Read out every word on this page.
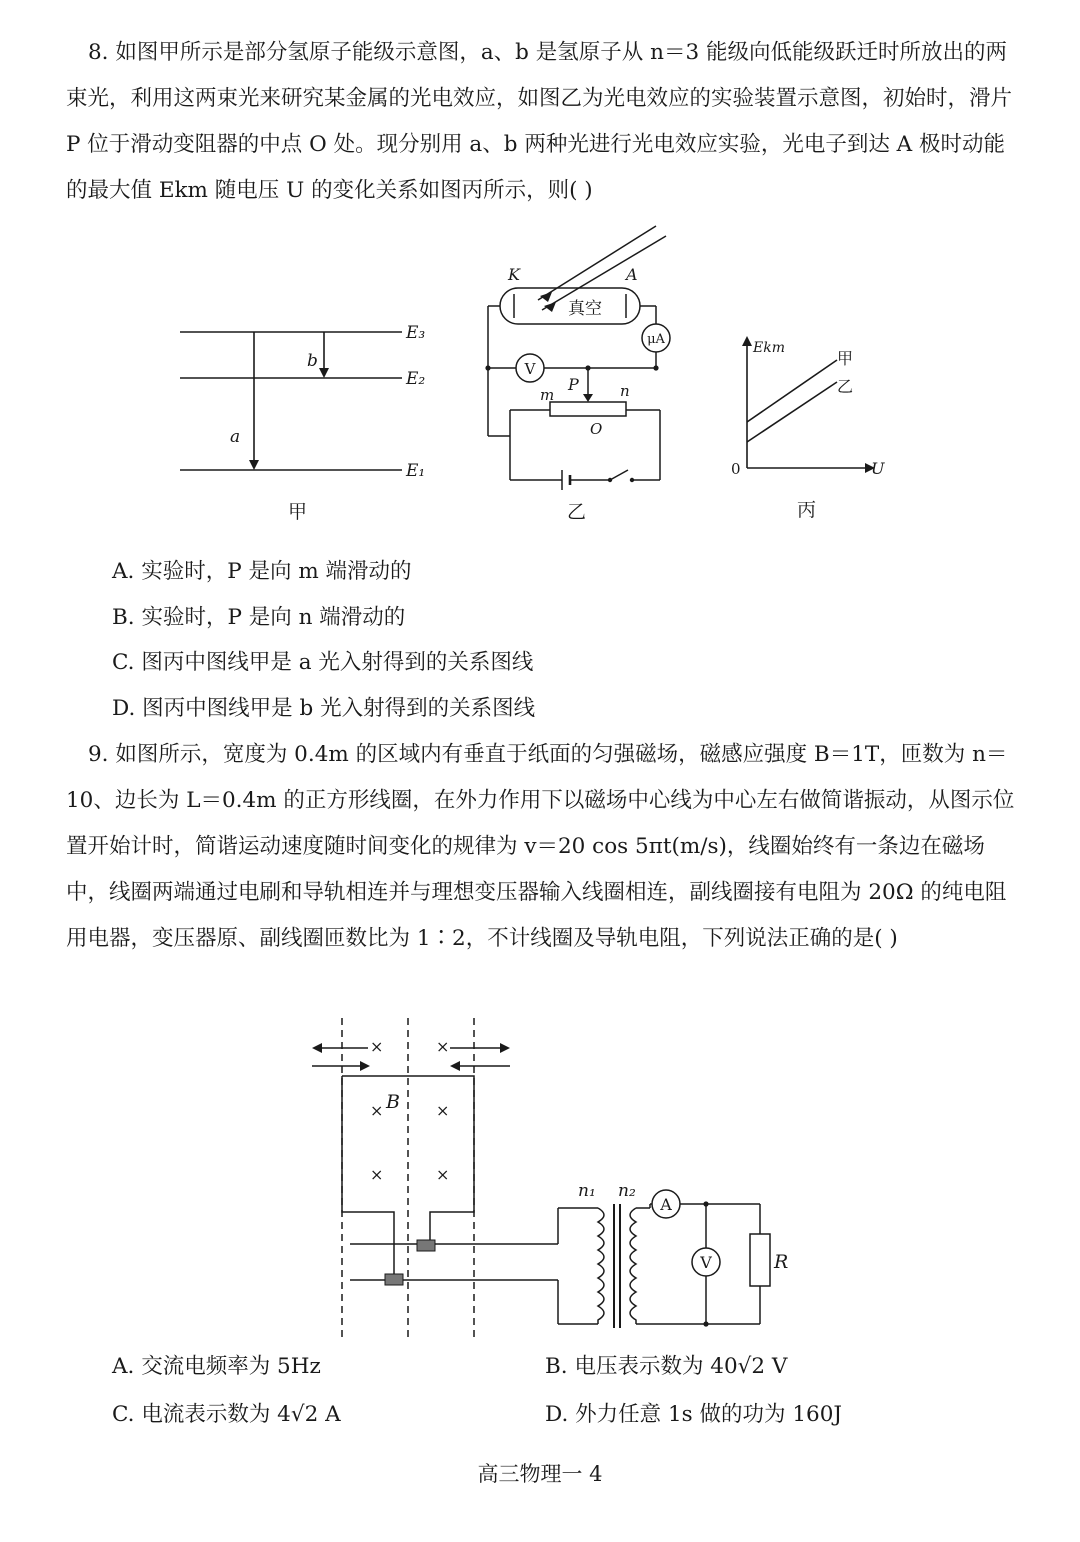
8. 如图甲所示是部分氢原子能级示意图，a、b 是氢原子从 n＝3 能级向低能级跃迁时所放出的两束光，利用这两束光来研究某金属的光电效应，如图乙为光电效应的实验装置示意图，初始时，滑片 P 位于滑动变阻器的中点 O 处。现分别用 a、b 两种光进行光电效应实验，光电子到达 A 极时动能的最大值 Ekm 随电压 U 的变化关系如图丙所示，则( )

E₃
E₂
E₁
a
b
甲
K	A
真空
μA
V
P
m	n
O
乙
Ekm
U
0
甲
乙
丙

A. 实验时，P 是向 m 端滑动的

B. 实验时，P 是向 n 端滑动的

C. 图丙中图线甲是 a 光入射得到的关系图线

D. 图丙中图线甲是 b 光入射得到的关系图线

9. 如图所示，宽度为 0.4m 的区域内有垂直于纸面的匀强磁场，磁感应强度 B＝1T，匝数为 n＝10、边长为 L＝0.4m 的正方形线圈，在外力作用下以磁场中心线为中心左右做简谐振动，从图示位置开始计时，简谐运动速度随时间变化的规律为 v＝20 cos 5πt(m/s)，线圈始终有一条边在磁场中，线圈两端通过电刷和导轨相连并与理想变压器输入线圈相连，副线圈接有电阻为 20Ω 的纯电阻用电器，变压器原、副线圈匝数比为 1∶2，不计线圈及导轨电阻，下列说法正确的是( )

×	×
×	×
×	×
B
n₁ n₂
A
V	R

A. 交流电频率为 5Hz	B. 电压表示数为 40√2 V

C. 电流表示数为 4√2 A	D. 外力任意 1s 做的功为 160J

高三物理一 4
